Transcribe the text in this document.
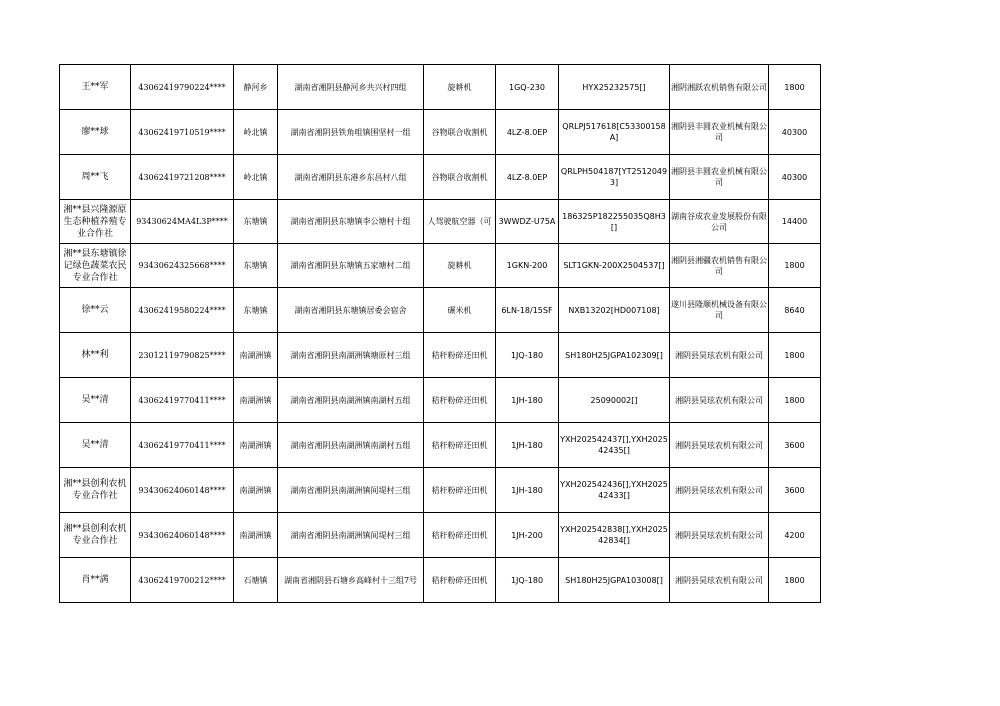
王**军	43062419790224****	静河乡	湖南省湘阴县静河乡共兴村四组	旋耕机	1GQ-230	HYX25232575[]	湘阴湘跃农机销售有限公司	1800

廖**球	43062419710519****	岭北镇	湖南省湘阴县铁角咀镇围坚村一组	谷物联合收割机	4LZ-8.0EP	QRLPJ517618[C53300158A]	湘阴县丰圆农业机械有限公司	40300

周**飞	43062419721208****	岭北镇	湖南省湘阴县东港乡东昌村八组	谷物联合收割机	4LZ-8.0EP	QRLPH504187[YT25120493]	湘阴县丰圆农业机械有限公司	40300

湘**县兴隆源原生态种植养殖专业合作社	93430624MA4L3P****	东塘镇	湖南省湘阴县东塘镇李公塘村十组	人驾驶航空器（可	3WWDZ-U75A	186325P182255035Q8H3[]	湖南谷成农业发展股份有限公司	14400

湘**县东塘镇徐记绿色蔬菜农民专业合作社	93430624325668****	东塘镇	湖南省湘阴县东塘镇五家塘村二组	旋耕机	1GKN-200	SLT1GKN-200X2504537[]	湘阴县湘疆农机销售有限公司	1800

徐**云	43062419580224****	东塘镇	湖南省湘阴县东塘镇居委会宿舍	碾米机	6LN-18/15SF	NXB13202[HD007108]	遂川县隆顺机械设备有限公司	8640

林**利	23012119790825****	南湖洲镇	湖南省湘阴县南湖洲镇塘原村三组	秸秆粉碎还田机	1JQ-180	SH180H25JGPA102309[]	湘阴县昊玹农机有限公司	1800

吴**清	43062419770411****	南湖洲镇	湖南省湘阴县南湖洲镇南湖村五组	秸秆粉碎还田机	1JH-180	25090002[]	湘阴县昊玹农机有限公司	1800

吴**清	43062419770411****	南湖洲镇	湖南省湘阴县南湖洲镇南湖村五组	秸秆粉碎还田机	1JH-180	YXH202542437[],YXH202542435[]	湘阴县昊玹农机有限公司	3600

湘**县创利农机专业合作社	93430624060148****	南湖洲镇	湖南省湘阴县南湖洲镇间堤村三组	秸秆粉碎还田机	1JH-180	YXH202542436[],YXH202542433[]	湘阴县昊玹农机有限公司	3600

湘**县创利农机专业合作社	93430624060148****	南湖洲镇	湖南省湘阴县南湖洲镇间堤村三组	秸秆粉碎还田机	1JH-200	YXH202542838[],YXH202542834[]	湘阴县昊玹农机有限公司	4200

肖**满	43062419700212****	石塘镇	湖南省湘阴县石塘乡高峰村十三组7号	秸秆粉碎还田机	1JQ-180	SH180H25JGPA103008[]	湘阴县昊玹农机有限公司	1800
